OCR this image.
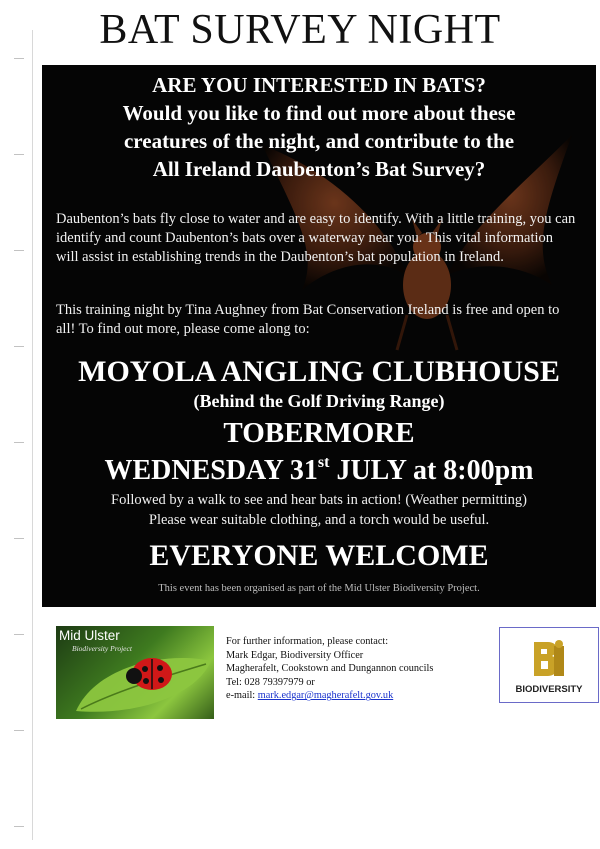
BAT SURVEY NIGHT
ARE YOU INTERESTED IN BATS?
Would you like to find out more about these
creatures of the night, and contribute to the
All Ireland Daubenton’s Bat Survey?
Daubenton’s bats fly close to water and are easy to identify. With a little training, you can identify and count Daubenton’s bats over a waterway near you. This vital information will assist in establishing trends in the Daubenton’s bat population in Ireland.
This training night by Tina Aughney from Bat Conservation Ireland is free and open to all! To find out more, please come along to:
MOYOLA ANGLING CLUBHOUSE
(Behind the Golf Driving Range)
TOBERMORE
WEDNESDAY 31st JULY at 8:00pm
Followed by a walk to see and hear bats in action! (Weather permitting)
Please wear suitable clothing, and a torch would be useful.
EVERYONE WELCOME
This event has been organised as part of the Mid Ulster Biodiversity Project.
Mid Ulster
Biodiversity Project
For further information, please contact:
Mark Edgar, Biodiversity Officer
Magherafelt, Cookstown and Dungannon councils
Tel: 028 79397979 or
e-mail: mark.edgar@magherafelt.gov.uk
BIODIVERSITY
